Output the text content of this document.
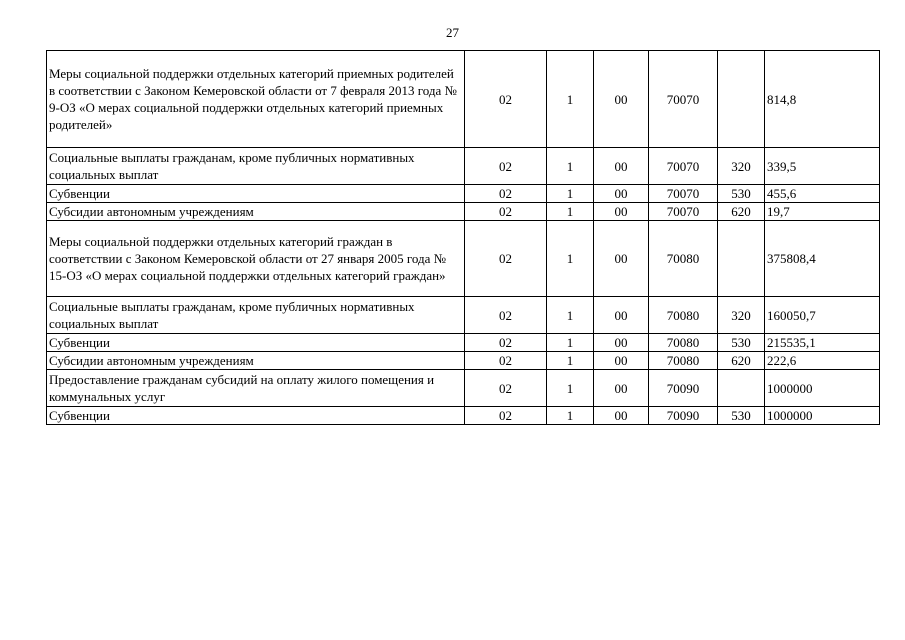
27
Меры социальной поддержки отдельных категорий приемных родителей в соответствии с Законом Кемеровской области от 7 февраля 2013 года № 9-ОЗ «О мерах социальной поддержки отдельных категорий приемных родителей»	02	1	00	70070		814,8
Социальные выплаты гражданам, кроме публичных нормативных социальных выплат	02	1	00	70070	320	339,5
Субвенции	02	1	00	70070	530	455,6
Субсидии автономным учреждениям	02	1	00	70070	620	19,7
Меры социальной поддержки отдельных категорий граждан в соответствии с Законом Кемеровской области от 27 января 2005 года № 15-ОЗ «О мерах социальной поддержки отдельных категорий граждан»	02	1	00	70080		375808,4
Социальные выплаты гражданам, кроме публичных нормативных социальных выплат	02	1	00	70080	320	160050,7
Субвенции	02	1	00	70080	530	215535,1
Субсидии автономным учреждениям	02	1	00	70080	620	222,6
Предоставление гражданам субсидий на оплату жилого помещения и коммунальных услуг	02	1	00	70090		1000000
Субвенции	02	1	00	70090	530	1000000
